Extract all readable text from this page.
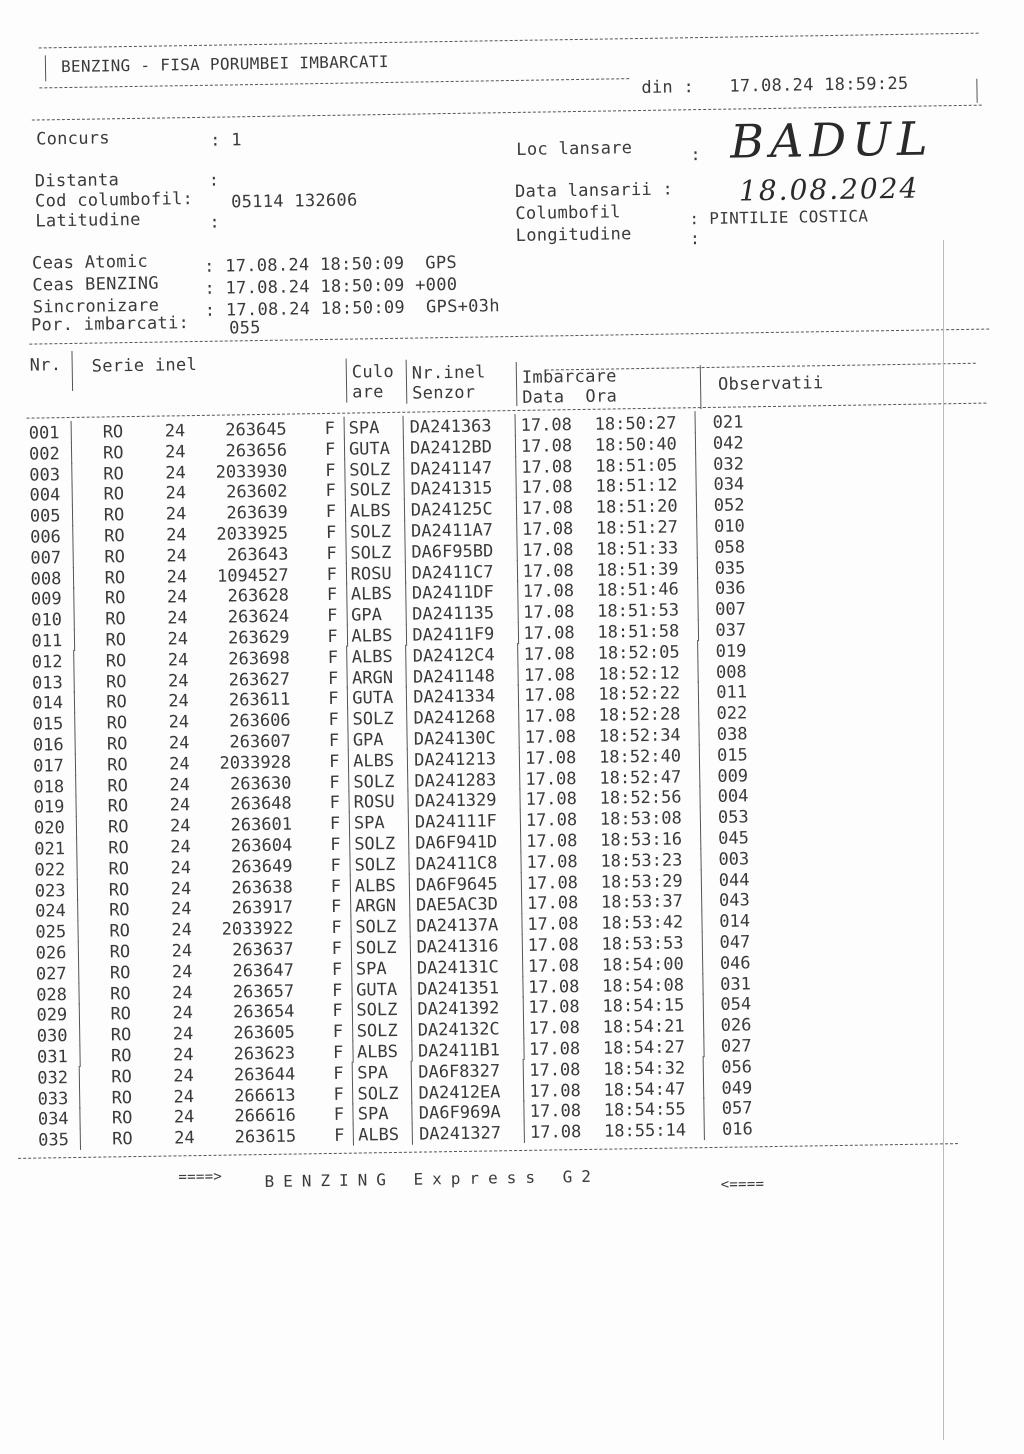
BENZING - FISA PORUMBEI IMBARCATI
din : 17.08.24 18:59:25
Concurs	: 1
Distanta	:
Cod columbofil: 05114 132606
Latitudine	:
Loc lansare	: BADUL
Data lansarii : 18.08.2024
Columbofil	: PINTILIE COSTICA
Longitudine	:
Ceas Atomic	: 17.08.24 18:50:09  GPS
Ceas BENZING	: 17.08.24 18:50:09 +000
Sincronizare	: 17.08.24 18:50:09  GPS+03h
Por. imbarcati: 055
Nr. Serie inel	Culo
are
Nr.inel
Senzor
Imbarcare
Data  Ora
Observatii
001	RO 24	263645 F SPA DA241363 17.08 18:50:27 021
002	RO 24	263656 F GUTA DA2412BD 17.08 18:50:40 042
003	RO 24	2033930 F SOLZ DA241147 17.08 18:51:05 032
004	RO 24	263602 F SOLZ DA241315 17.08 18:51:12 034
005	RO 24	263639 F ALBS DA24125C 17.08 18:51:20 052
006	RO 24	2033925 F SOLZ DA2411A7 17.08 18:51:27 010
007	RO 24	263643 F SOLZ DA6F95BD 17.08 18:51:33 058
008	RO 24	1094527 F ROSU DA2411C7 17.08 18:51:39 035
009	RO 24	263628 F ALBS DA2411DF 17.08 18:51:46 036
010	RO 24	263624 F GPA DA241135 17.08 18:51:53 007
011	RO 24	263629 F ALBS DA2411F9 17.08 18:51:58 037
012	RO 24	263698 F ALBS DA2412C4 17.08 18:52:05 019
013	RO 24	263627 F ARGN DA241148 17.08 18:52:12 008
014	RO 24	263611 F GUTA DA241334 17.08 18:52:22 011
015	RO 24	263606 F SOLZ DA241268 17.08 18:52:28 022
016	RO 24	263607 F GPA DA24130C 17.08 18:52:34 038
017	RO 24	2033928 F ALBS DA241213 17.08 18:52:40 015
018	RO 24	263630 F SOLZ DA241283 17.08 18:52:47 009
019	RO 24	263648 F ROSU DA241329 17.08 18:52:56 004
020	RO 24	263601 F SPA DA24111F 17.08 18:53:08 053
021	RO 24	263604 F SOLZ DA6F941D 17.08 18:53:16 045
022	RO 24	263649 F SOLZ DA2411C8 17.08 18:53:23 003
023	RO 24	263638 F ALBS DA6F9645 17.08 18:53:29 044
024	RO 24	263917 F ARGN DAE5AC3D 17.08 18:53:37 043
025	RO 24	2033922 F SOLZ DA24137A 17.08 18:53:42 014
026	RO 24	263637 F SOLZ DA241316 17.08 18:53:53 047
027	RO 24	263647 F SPA DA24131C 17.08 18:54:00 046
028	RO 24	263657 F GUTA DA241351 17.08 18:54:08 031
029	RO 24	263654 F SOLZ DA241392 17.08 18:54:15 054
030	RO 24	263605 F SOLZ DA24132C 17.08 18:54:21 026
031	RO 24	263623 F ALBS DA2411B1 17.08 18:54:27 027
032	RO 24	263644 F SPA DA6F8327 17.08 18:54:32 056
033	RO 24	266613 F SOLZ DA2412EA 17.08 18:54:47 049
034	RO 24	266616 F SPA DA6F969A 17.08 18:54:55 057
035	RO 24	263615 F ALBS DA241327 17.08 18:55:14 016
====>	BENZING Express G2	<====
